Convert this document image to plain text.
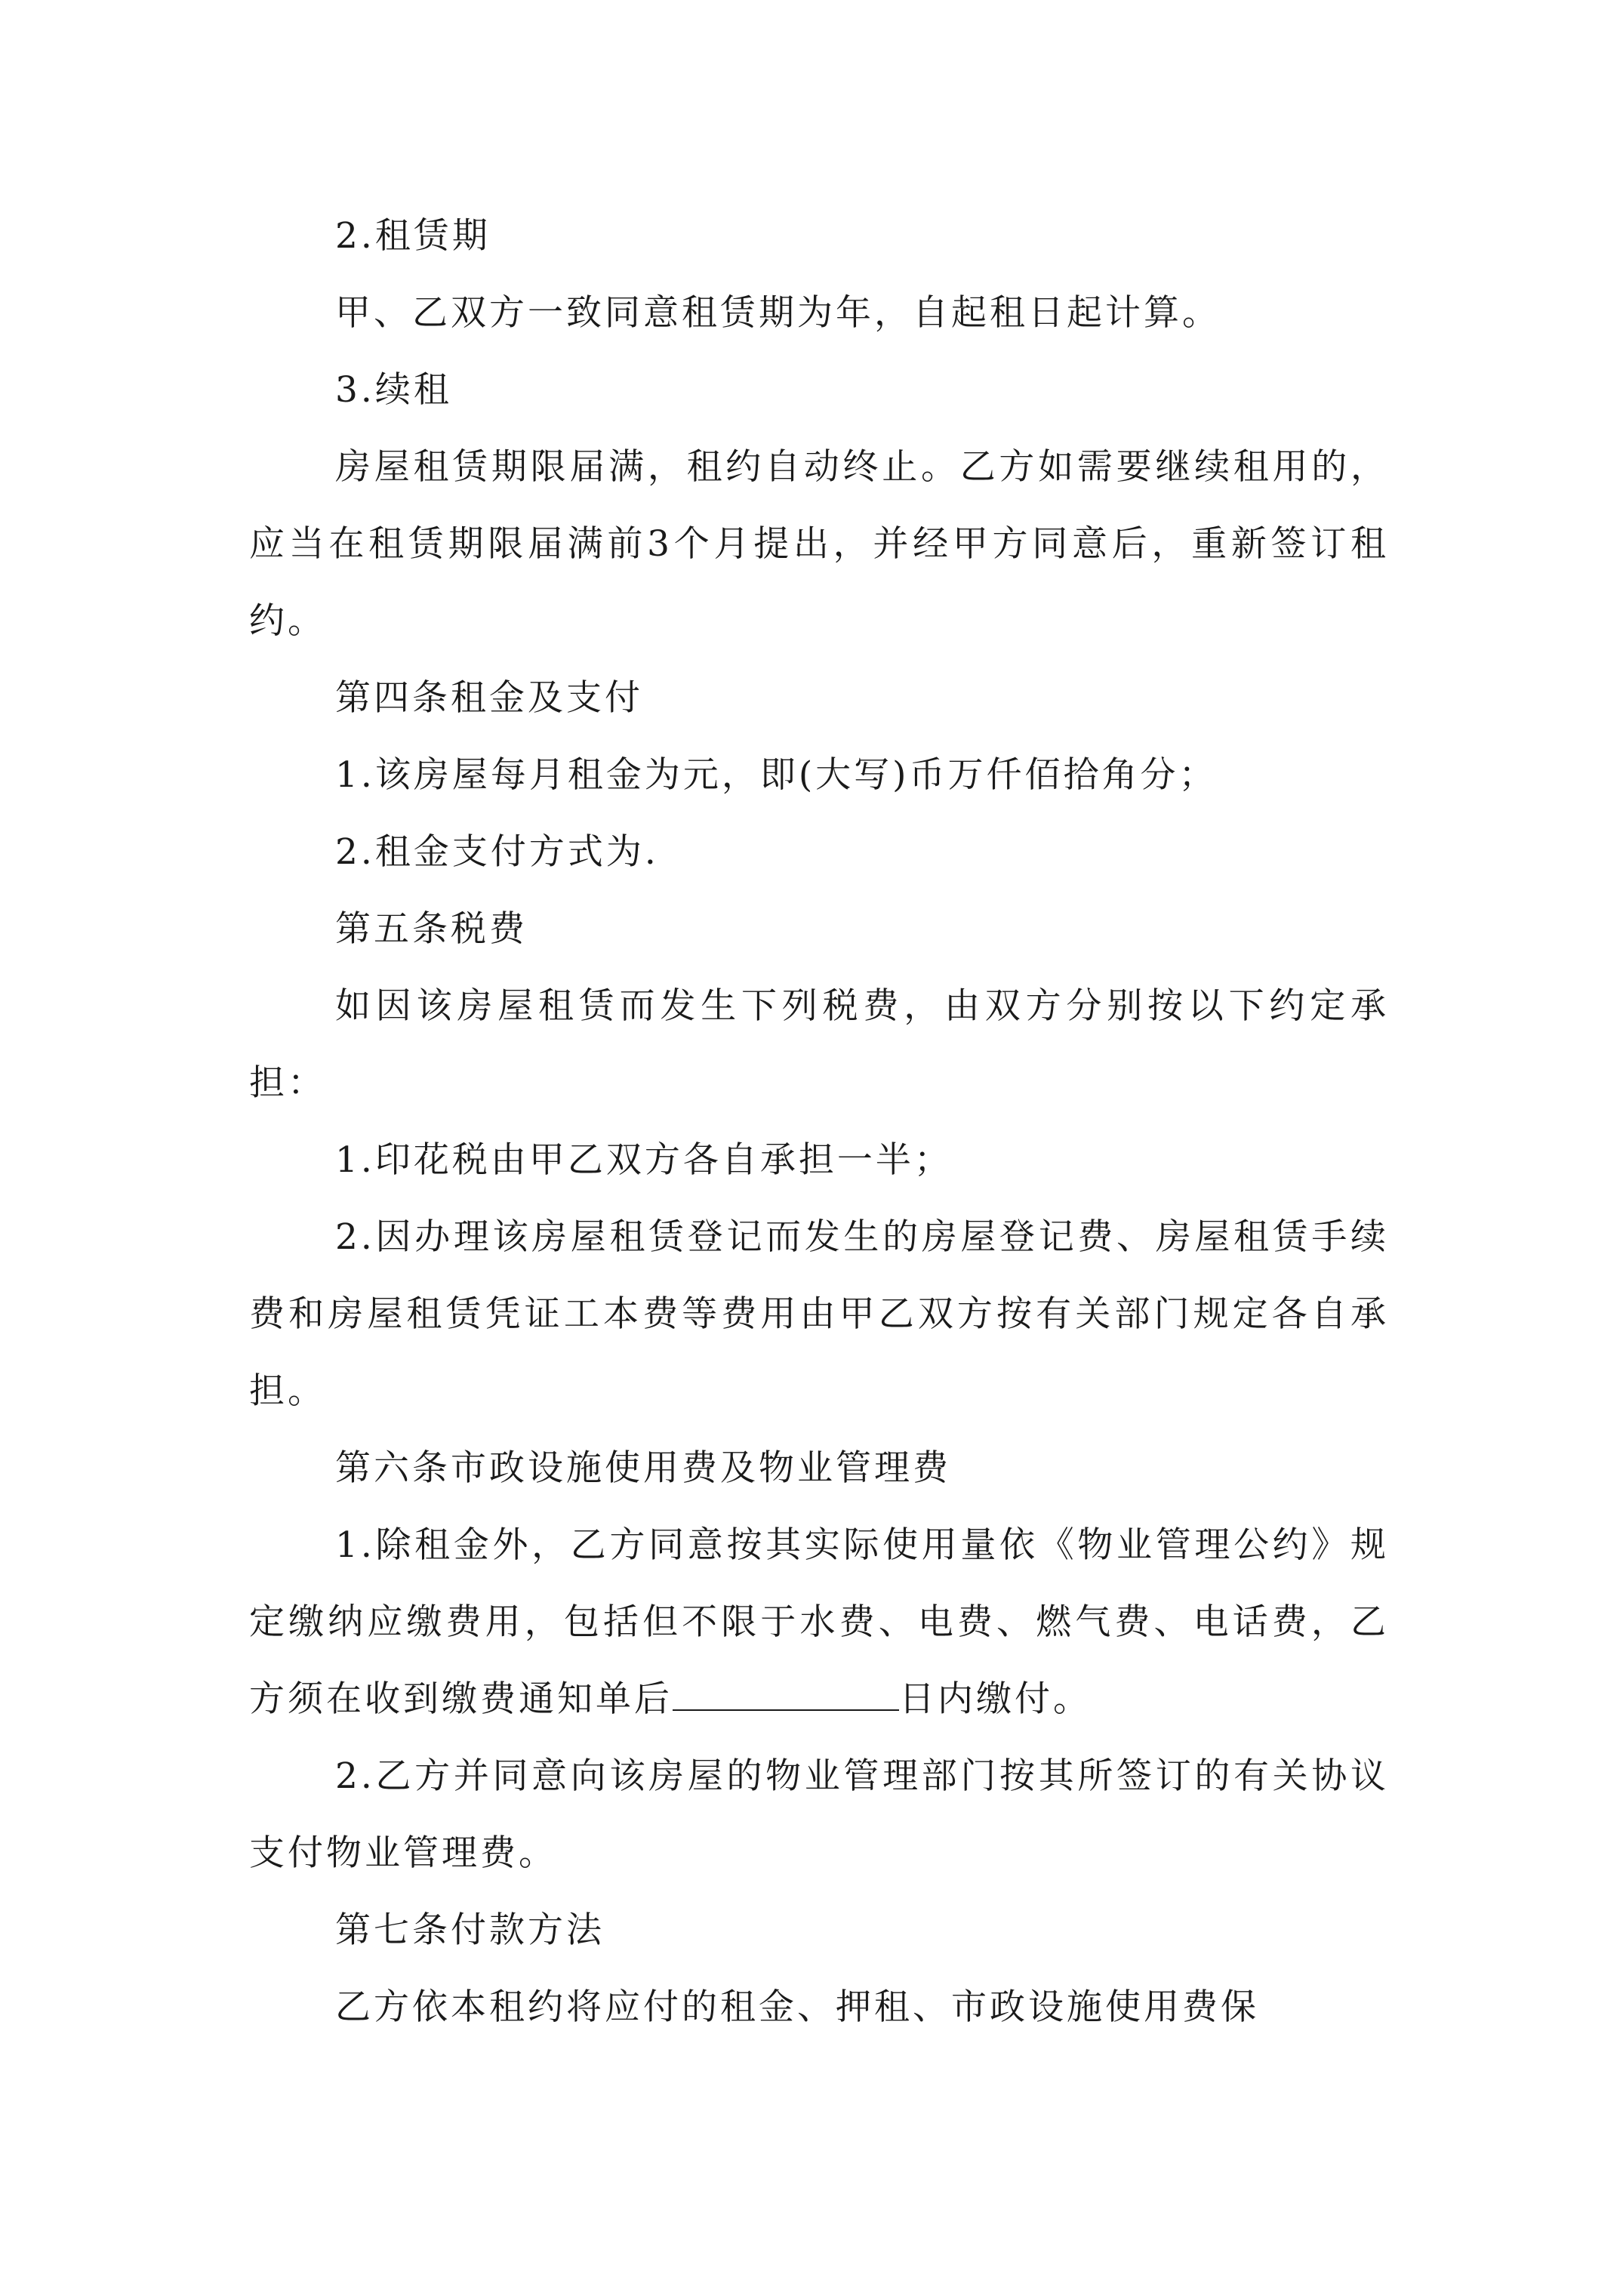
2.租赁期

甲、乙双方一致同意租赁期为年，自起租日起计算。

3.续租

房屋租赁期限届满，租约自动终止。乙方如需要继续租用的，应当在租赁期限届满前3个月提出，并经甲方同意后，重新签订租约。

第四条租金及支付

1.该房屋每月租金为元，即(大写)币万仟佰拾角分；

2.租金支付方式为.

第五条税费

如因该房屋租赁而发生下列税费，由双方分别按以下约定承担：

1.印花税由甲乙双方各自承担一半；

2.因办理该房屋租赁登记而发生的房屋登记费、房屋租赁手续费和房屋租赁凭证工本费等费用由甲乙双方按有关部门规定各自承担。

第六条市政设施使用费及物业管理费

1.除租金外，乙方同意按其实际使用量依《物业管理公约》规定缴纳应缴费用，包括但不限于水费、电费、燃气费、电话费，乙方须在收到缴费通知单后	日内缴付。

2.乙方并同意向该房屋的物业管理部门按其所签订的有关协议支付物业管理费。

第七条付款方法

乙方依本租约将应付的租金、押租、市政设施使用费保
